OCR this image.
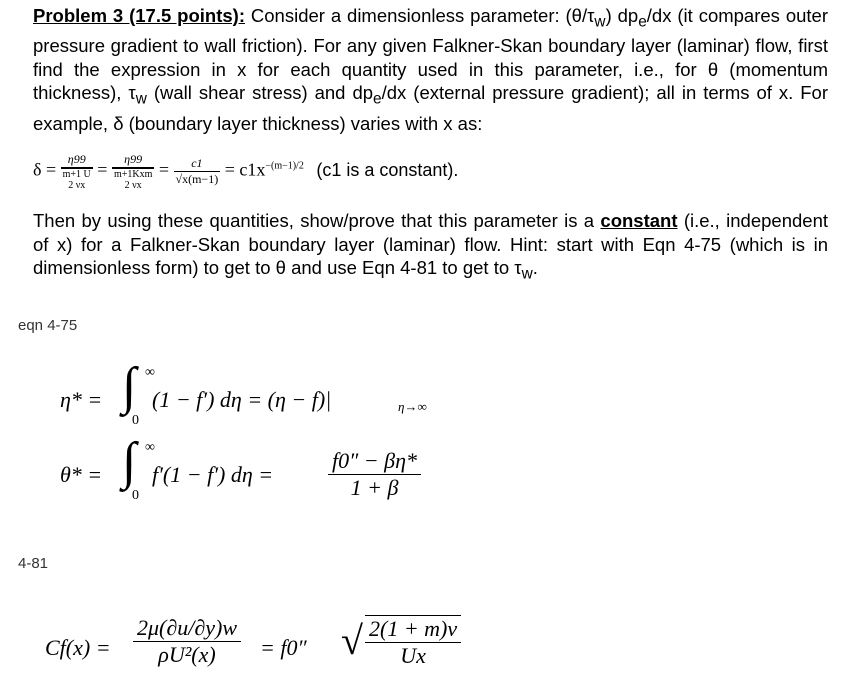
Problem 3 (17.5 points): Consider a dimensionless parameter: $(\theta/\tau_w)$ $dp_e/dx$ (it compares outer pressure gradient to wall friction). For any given Falkner-Skan boundary layer (laminar) flow, first find the expression in x for each quantity used in this parameter, i.e., for θ (momentum thickness), $\tau_w$ (wall shear stress) and $dp_e/dx$ (external pressure gradient); all in terms of x. For example, δ (boundary layer thickness) varies with x as:
δ =
η99
m+1 U
2 νx
=
η99
m+1Kxm
2 νx
= $\frac{c1}{√x(m-1)} = c1x^{-(m-1)/2}$ (c1 is a constant).
Then by using these quantities, show/prove that this parameter is a constant (i.e., independent of x) for a Falkner-Skan boundary layer (laminar) flow. Hint: start with Eqn 4-75 (which is in dimensionless form) to get to θ and use Eqn 4-81 to get to $\tau_w$.
eqn 4-75
η* = ∫ ∞
0
(1 − f′) dη = (η − f)|	η→∞
θ* = ∫ ∞
0
f′(1 − f′) $d\eta = \frac{f0'' - \beta\eta*}{1 + \beta}$
4-81
$Cf(x) = \frac{2\mu(\partial u/\partial y)w}{\text{ρU²(x)}} = f0''$ √ $\frac{2(1 + m)\nu}{Ux}$
